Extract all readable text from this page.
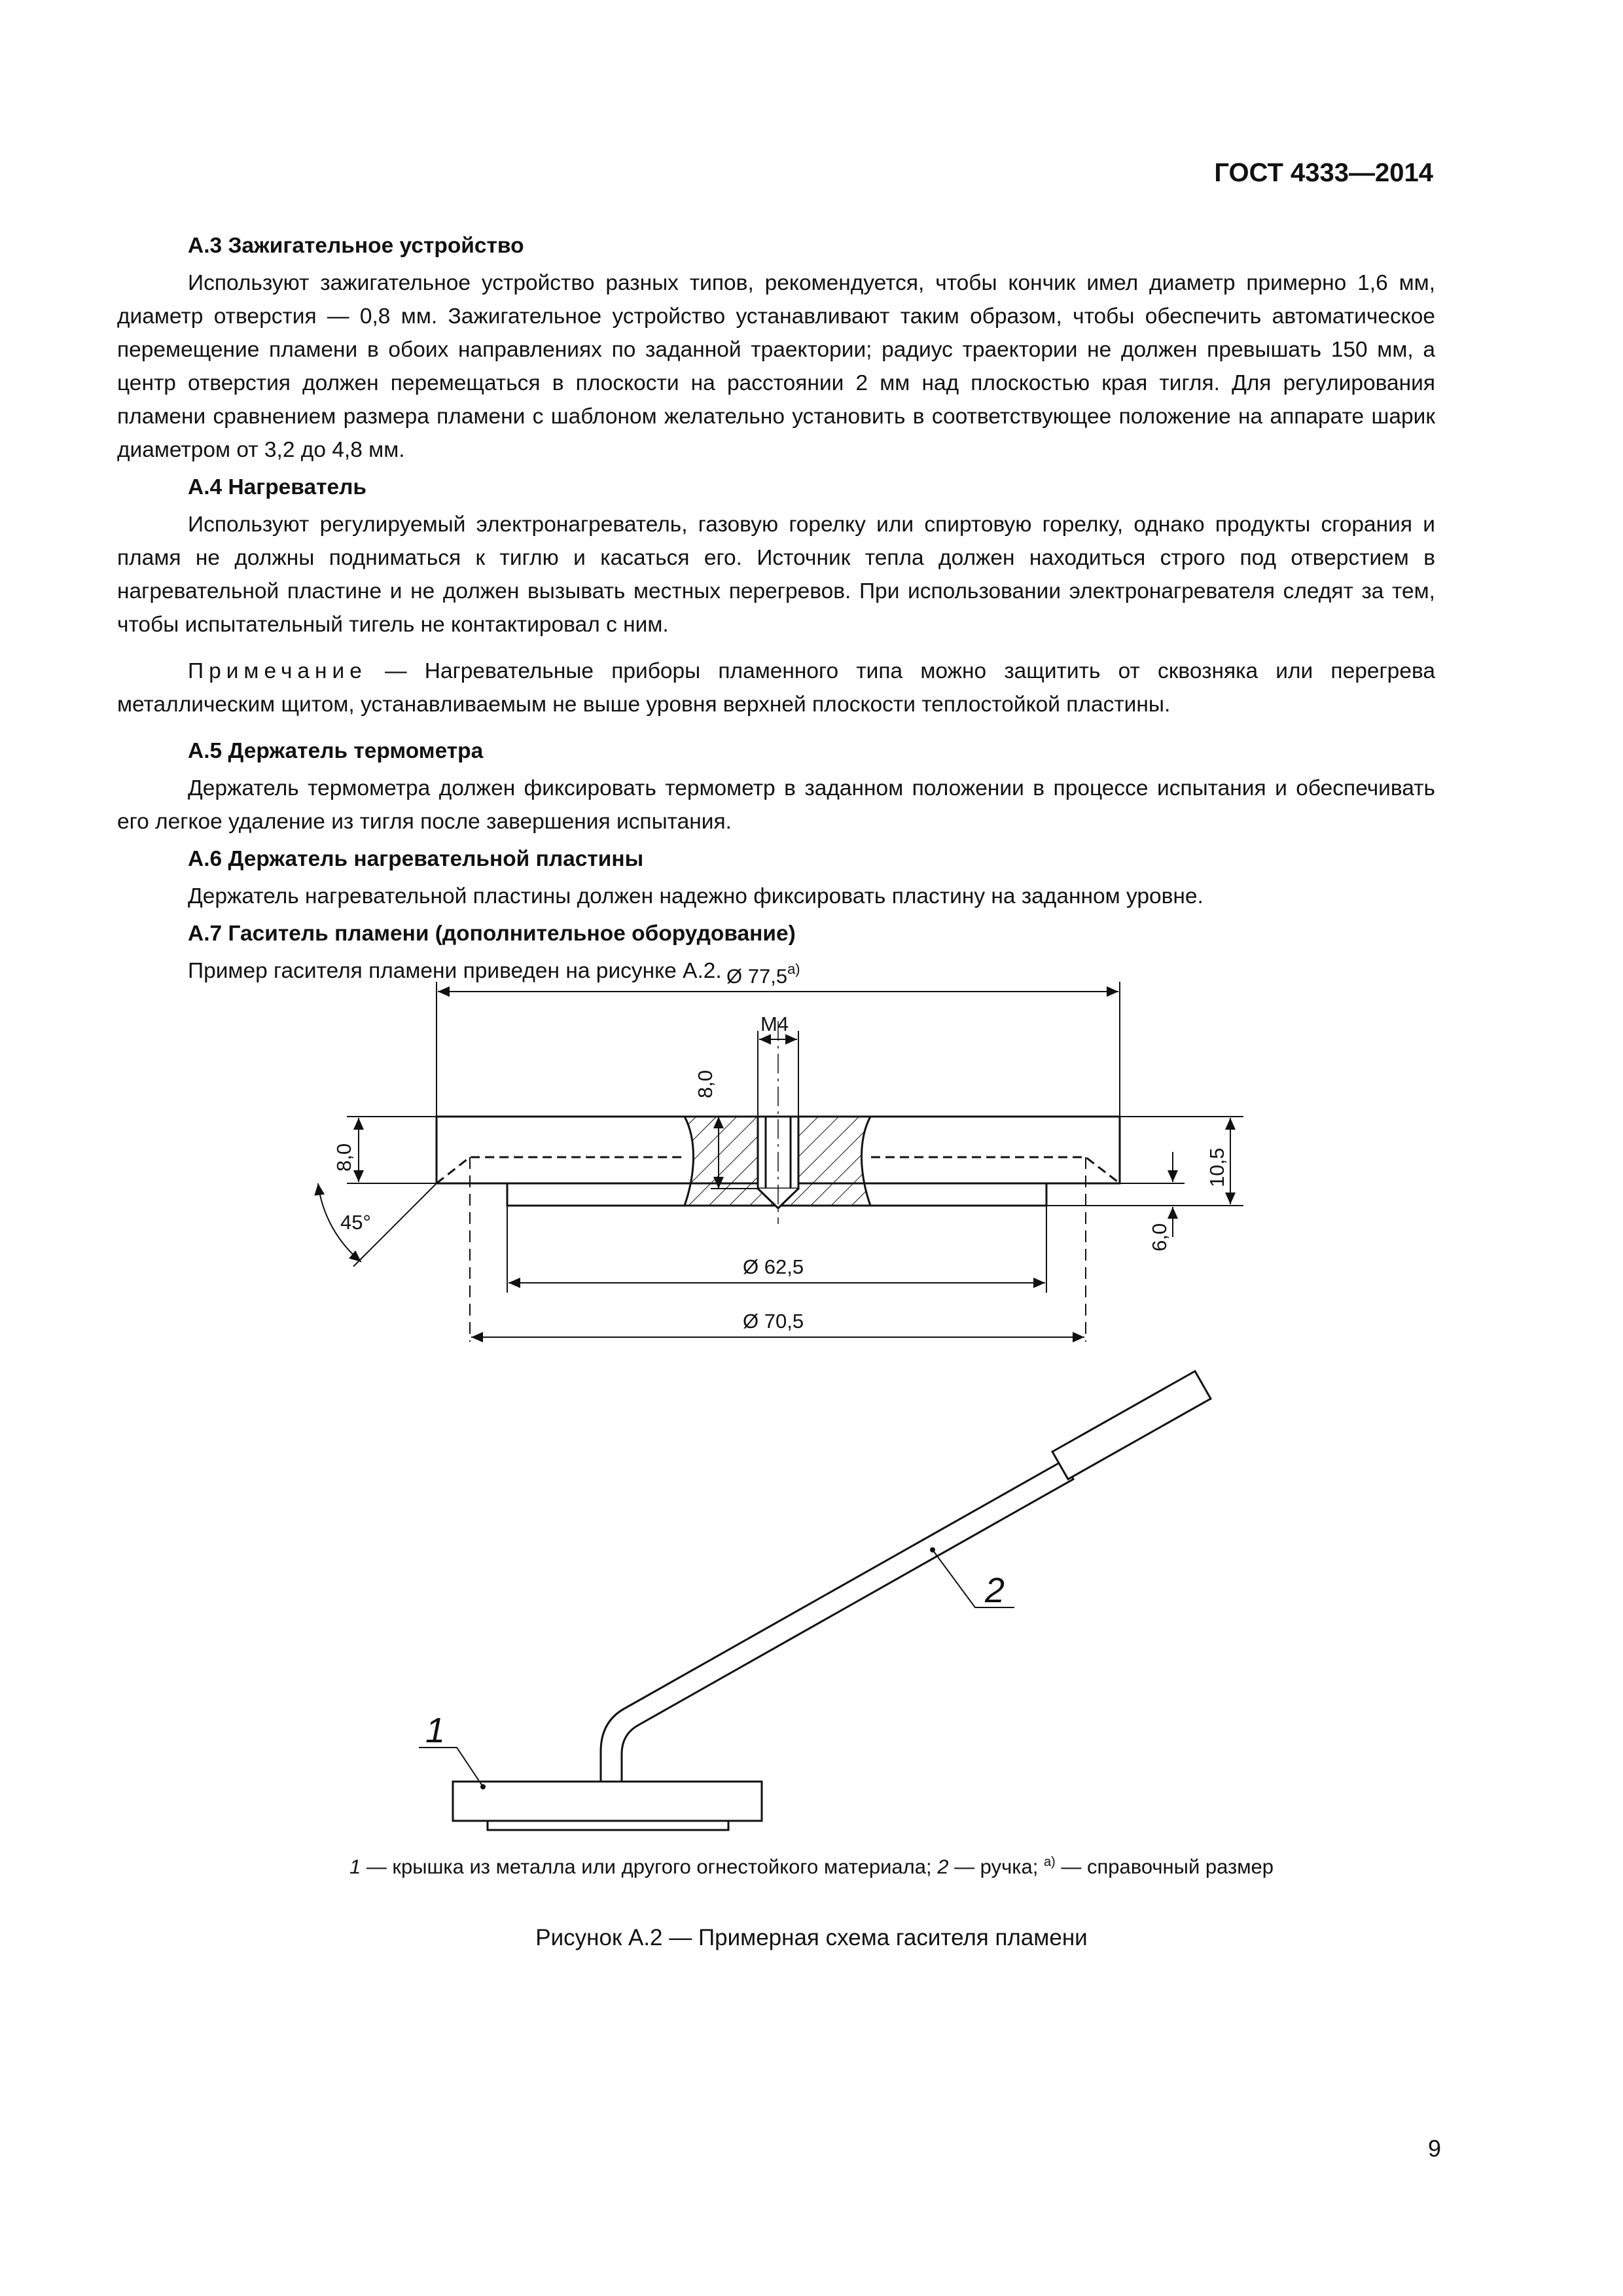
ГОСТ 4333—2014

А.3 Зажигательное устройство

Используют зажигательное устройство разных типов, рекомендуется, чтобы кончик имел диаметр примерно 1,6 мм, диаметр отверстия — 0,8 мм. Зажигательное устройство устанавливают таким образом, чтобы обеспечить автоматическое перемещение пламени в обоих направлениях по заданной траектории; радиус траектории не должен превышать 150 мм, а центр отверстия должен перемещаться в плоскости на расстоянии 2 мм над плоскостью края тигля. Для регулирования пламени сравнением размера пламени с шаблоном желательно установить в соответствующее положение на аппарате шарик диаметром от 3,2 до 4,8 мм.

А.4 Нагреватель

Используют регулируемый электронагреватель, газовую горелку или спиртовую горелку, однако продукты сгорания и пламя не должны подниматься к тиглю и касаться его. Источник тепла должен находиться строго под отверстием в нагревательной пластине и не должен вызывать местных перегревов. При использовании электронагревателя следят за тем, чтобы испытательный тигель не контактировал с ним.

Примечание — Нагревательные приборы пламенного типа можно защитить от сквозняка или перегрева металлическим щитом, устанавливаемым не выше уровня верхней плоскости теплостойкой пластины.

А.5 Держатель термометра

Держатель термометра должен фиксировать термометр в заданном положении в процессе испытания и обеспечивать его легкое удаление из тигля после завершения испытания.

А.6 Держатель нагревательной пластины

Держатель нагревательной пластины должен надежно фиксировать пластину на заданном уровне.

А.7 Гаситель пламени (дополнительное оборудование)

Пример гасителя пламени приведен на рисунке А.2. Ø $77,5^{а)}$
М4
8,0
8,0	10,5
6,0
45°
Ø 62,5
Ø 70,5
1
2
1 — крышка из металла или другого огнестойкого материала; 2 — ручка; $^{а)}$ — справочный размер
Рисунок А.2 — Примерная схема гасителя пламени
9
